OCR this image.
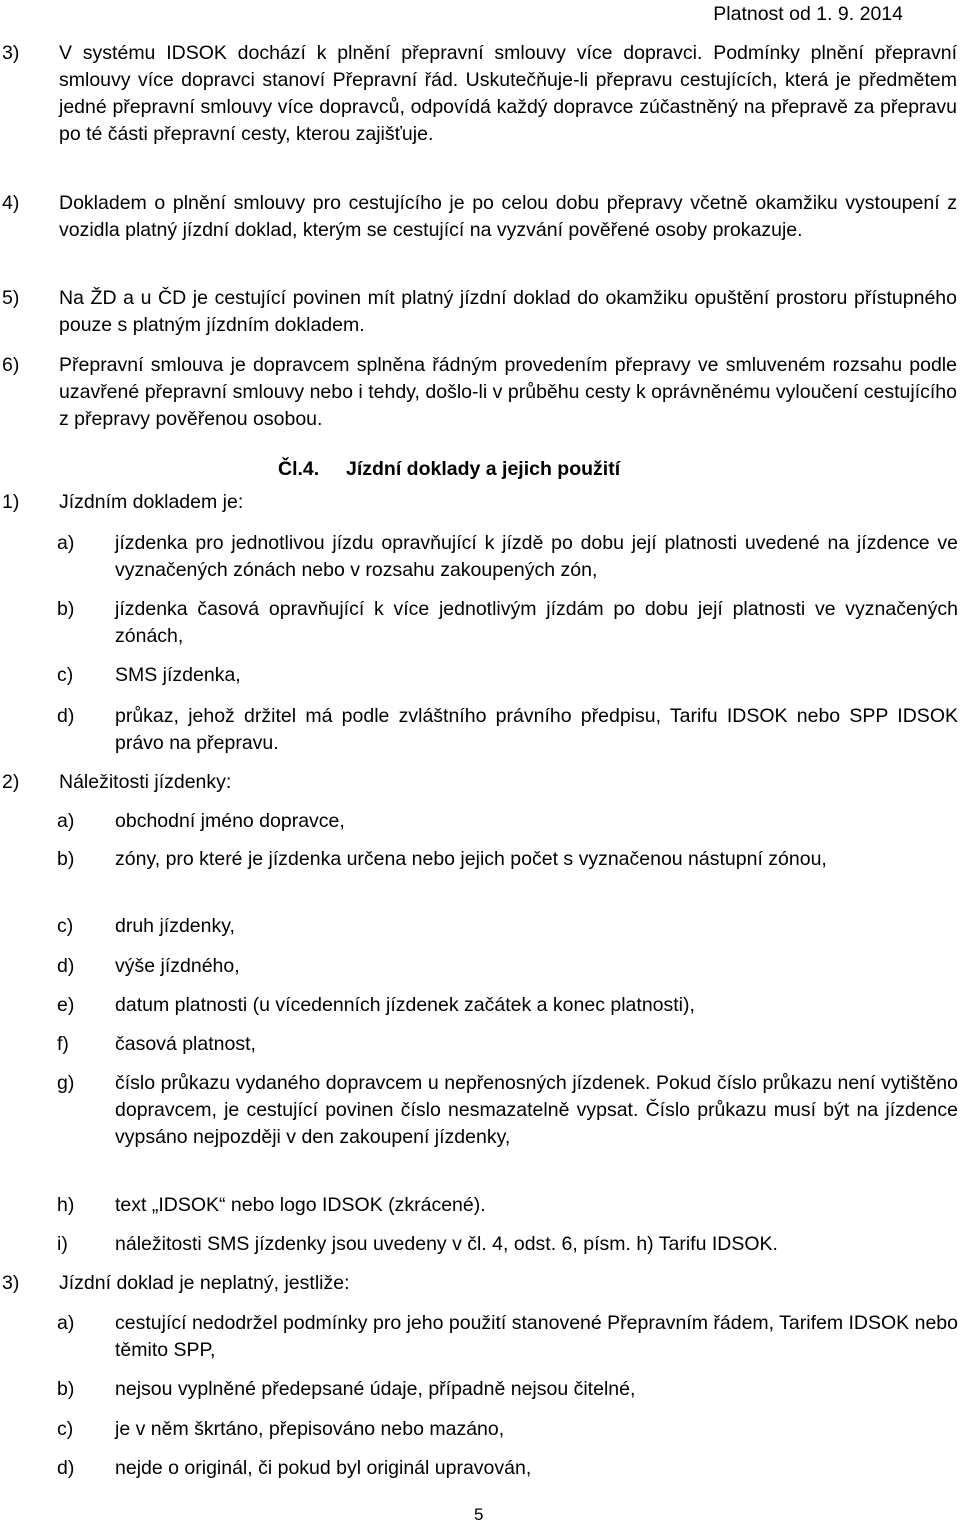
Platnost od 1. 9. 2014
3) V systému IDSOK dochází k plnění přepravní smlouvy více dopravci. Podmínky plnění přepravní smlouvy více dopravci stanoví Přepravní řád. Uskutečňuje-li přepravu cestujících, která je předmětem jedné přepravní smlouvy více dopravců, odpovídá každý dopravce zúčastněný na přepravě za přepravu po té části přepravní cesty, kterou zajišťuje.
4) Dokladem o plnění smlouvy pro cestujícího je po celou dobu přepravy včetně okamžiku vystoupení z vozidla platný jízdní doklad, kterým se cestující na vyzvání pověřené osoby prokazuje.
5) Na ŽD a u ČD je cestující povinen mít platný jízdní doklad do okamžiku opuštění prostoru přístupného pouze s platným jízdním dokladem.
6) Přepravní smlouva je dopravcem splněna řádným provedením přepravy ve smluveném rozsahu podle uzavřené přepravní smlouvy nebo i tehdy, došlo-li v průběhu cesty k oprávněnému vyloučení cestujícího z přepravy pověřenou osobou.
Čl.4. Jízdní doklady a jejich použití
1) Jízdním dokladem je:
a) jízdenka pro jednotlivou jízdu opravňující k jízdě po dobu její platnosti uvedené na jízdence ve vyznačených zónách nebo v rozsahu zakoupených zón,
b) jízdenka časová opravňující k více jednotlivým jízdám po dobu její platnosti ve vyznačených zónách,
c) SMS jízdenka,
d) průkaz, jehož držitel má podle zvláštního právního předpisu, Tarifu IDSOK nebo SPP IDSOK právo na přepravu.
2) Náležitosti jízdenky:
a) obchodní jméno dopravce,
b) zóny, pro které je jízdenka určena nebo jejich počet s vyznačenou nástupní zónou,
c) druh jízdenky,
d) výše jízdného,
e) datum platnosti (u vícedenních jízdenek začátek a konec platnosti),
f) časová platnost,
g) číslo průkazu vydaného dopravcem u nepřenosných jízdenek. Pokud číslo průkazu není vytištěno dopravcem, je cestující povinen číslo nesmazatelně vypsat. Číslo průkazu musí být na jízdence vypsáno nejpozději v den zakoupení jízdenky,
h) text „IDSOK“ nebo logo IDSOK (zkrácené).
i) náležitosti SMS jízdenky jsou uvedeny v čl. 4, odst. 6, písm. h) Tarifu IDSOK.
3) Jízdní doklad je neplatný, jestliže:
a) cestující nedodržel podmínky pro jeho použití stanovené Přepravním řádem, Tarifem IDSOK nebo těmito SPP,
b) nejsou vyplněné předepsané údaje, případně nejsou čitelné,
c) je v něm škrtáno, přepisováno nebo mazáno,
d) nejde o originál, či pokud byl originál upravován,
5
